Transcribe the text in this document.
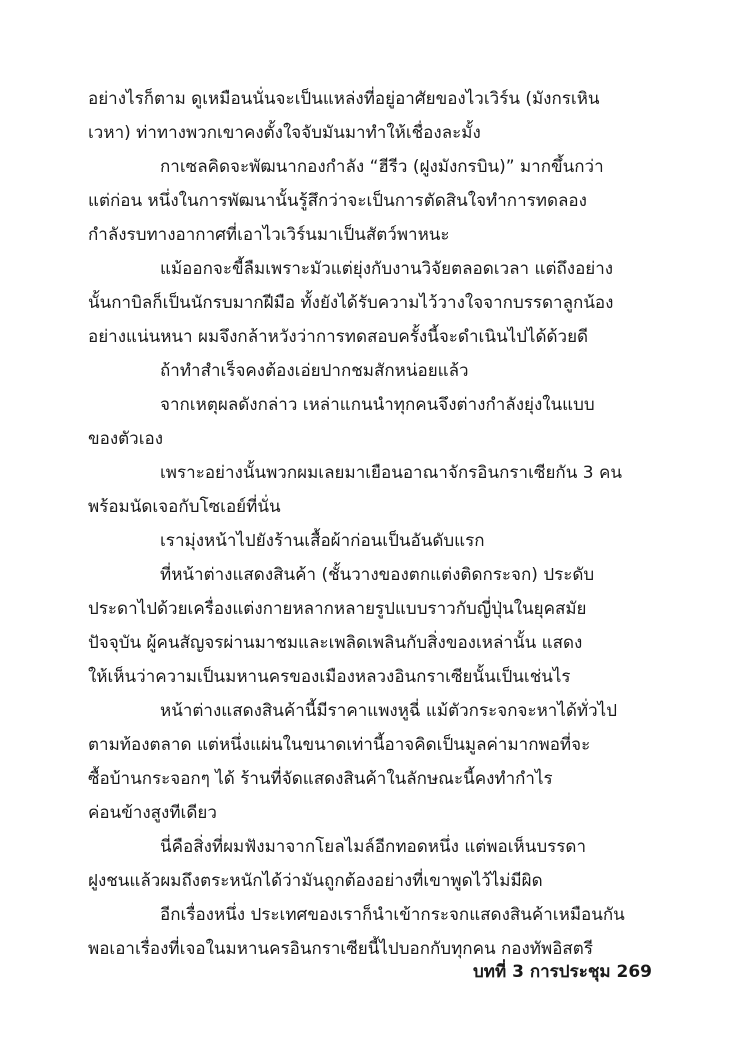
อย่างไรก็ตาม ดูเหมือนนั่นจะเป็นแหล่งที่อยู่อาศัยของไวเวิร์น (มังกรเหิน
เวหา) ท่าทางพวกเขาคงตั้งใจจับมันมาทำให้เชื่องละมั้ง
กาเซลคิดจะพัฒนากองกำลัง “ฮีรีว (ฝูงมังกรบิน)” มากขึ้นกว่า
แต่ก่อน หนึ่งในการพัฒนานั้นรู้สึกว่าจะเป็นการตัดสินใจทำการทดลอง
กำลังรบทางอากาศที่เอาไวเวิร์นมาเป็นสัตว์พาหนะ
แม้ออกจะขี้ลืมเพราะมัวแต่ยุ่งกับงานวิจัยตลอดเวลา แต่ถึงอย่าง
นั้นกาบิลก็เป็นนักรบมากฝีมือ ทั้งยังได้รับความไว้วางใจจากบรรดาลูกน้อง
อย่างแน่นหนา ผมจึงกล้าหวังว่าการทดสอบครั้งนี้จะดำเนินไปได้ด้วยดี
ถ้าทำสำเร็จคงต้องเอ่ยปากชมสักหน่อยแล้ว
จากเหตุผลดังกล่าว เหล่าแกนนำทุกคนจึงต่างกำลังยุ่งในแบบ
ของตัวเอง
เพราะอย่างนั้นพวกผมเลยมาเยือนอาณาจักรอินกราเซียกัน 3 คน
พร้อมนัดเจอกับโซเอย์ที่นั่น
เรามุ่งหน้าไปยังร้านเสื้อผ้าก่อนเป็นอันดับแรก
ที่หน้าต่างแสดงสินค้า (ชั้นวางของตกแต่งติดกระจก) ประดับ
ประดาไปด้วยเครื่องแต่งกายหลากหลายรูปแบบราวกับญี่ปุ่นในยุคสมัย
ปัจจุบัน ผู้คนสัญจรผ่านมาชมและเพลิดเพลินกับสิ่งของเหล่านั้น แสดง
ให้เห็นว่าความเป็นมหานครของเมืองหลวงอินกราเซียนั้นเป็นเช่นไร
หน้าต่างแสดงสินค้านี้มีราคาแพงหูฉี่ แม้ตัวกระจกจะหาได้ทั่วไป
ตามท้องตลาด แต่หนึ่งแผ่นในขนาดเท่านี้อาจคิดเป็นมูลค่ามากพอที่จะ
ซื้อบ้านกระจอกๆ ได้ ร้านที่จัดแสดงสินค้าในลักษณะนี้คงทำกำไร
ค่อนข้างสูงทีเดียว
นี่คือสิ่งที่ผมฟังมาจากโยลไมล์อีกทอดหนึ่ง แต่พอเห็นบรรดา
ฝูงชนแล้วผมถึงตระหนักได้ว่ามันถูกต้องอย่างที่เขาพูดไว้ไม่มีผิด
อีกเรื่องหนึ่ง ประเทศของเราก็นำเข้ากระจกแสดงสินค้าเหมือนกัน
พอเอาเรื่องที่เจอในมหานครอินกราเซียนี้ไปบอกกับทุกคน กองทัพอิสตรี
บทที่ 3 การประชุม 269
